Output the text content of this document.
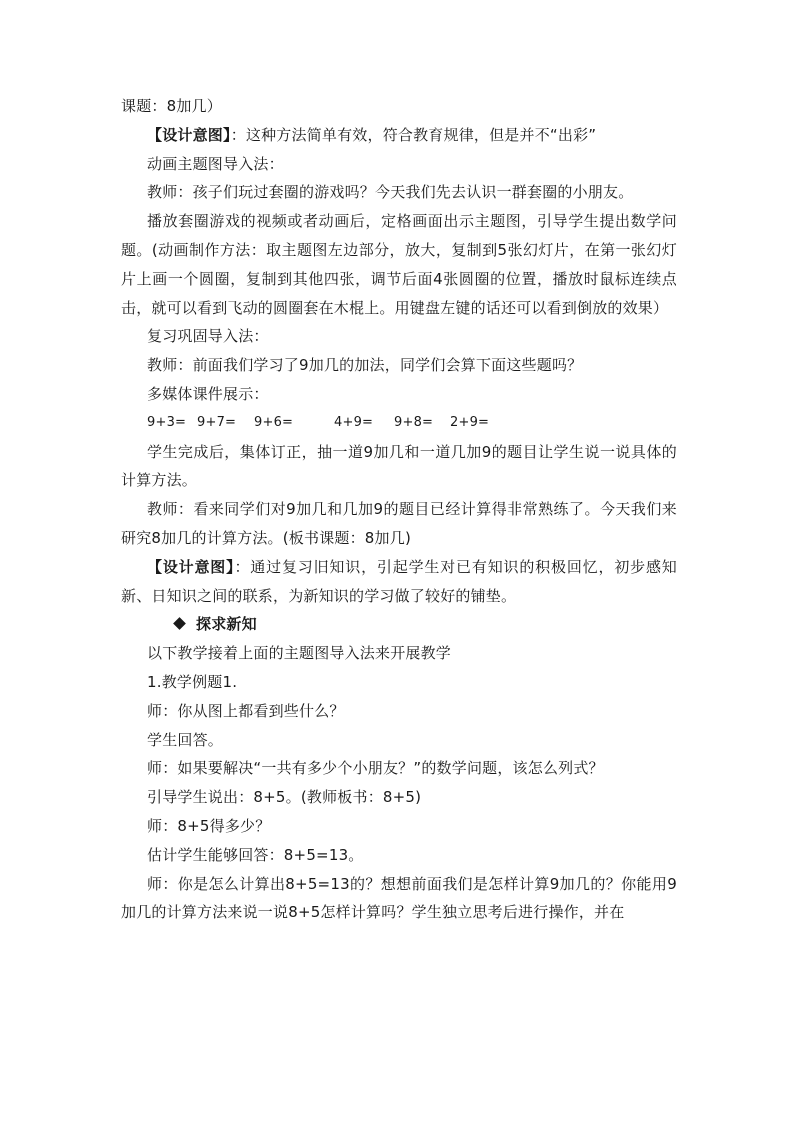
课题：8加几）
【设计意图】：这种方法简单有效，符合教育规律，但是并不“出彩”
动画主题图导入法：
教师：孩子们玩过套圈的游戏吗？今天我们先去认识一群套圈的小朋友。
播放套圈游戏的视频或者动画后，定格画面出示主题图，引导学生提出数学问题。(动画制作方法：取主题图左边部分，放大，复制到5张幻灯片，在第一张幻灯片上画一个圆圈，复制到其他四张，调节后面4张圆圈的位置，播放时鼠标连续点击，就可以看到飞动的圆圈套在木棍上。用键盘左键的话还可以看到倒放的效果）
复习巩固导入法：
教师：前面我们学习了9加几的加法，同学们会算下面这些题吗？
多媒体课件展示：
9+3= 9+7= 9+6=	4+9= 9+8= 2+9=
学生完成后，集体订正，抽一道9加几和一道几加9的题目让学生说一说具体的计算方法。
教师：看来同学们对9加几和几加9的题目已经计算得非常熟练了。今天我们来研究8加几的计算方法。(板书课题：8加几)
【设计意图】：通过复习旧知识，引起学生对已有知识的积极回忆，初步感知新、日知识之间的联系，为新知识的学习做了较好的铺垫。
探求新知
以下教学接着上面的主题图导入法来开展教学
1.教学例题1.
师：你从图上都看到些什么？
学生回答。
师：如果要解决“一共有多少个小朋友？”的数学问题，该怎么列式？
引导学生说出：8+5。(教师板书：8+5)
师：8+5得多少？
估计学生能够回答：8+5=13。
师：你是怎么计算出8+5=13的？想想前面我们是怎样计算9加几的？你能用9加几的计算方法来说一说8+5怎样计算吗？学生独立思考后进行操作，并在
